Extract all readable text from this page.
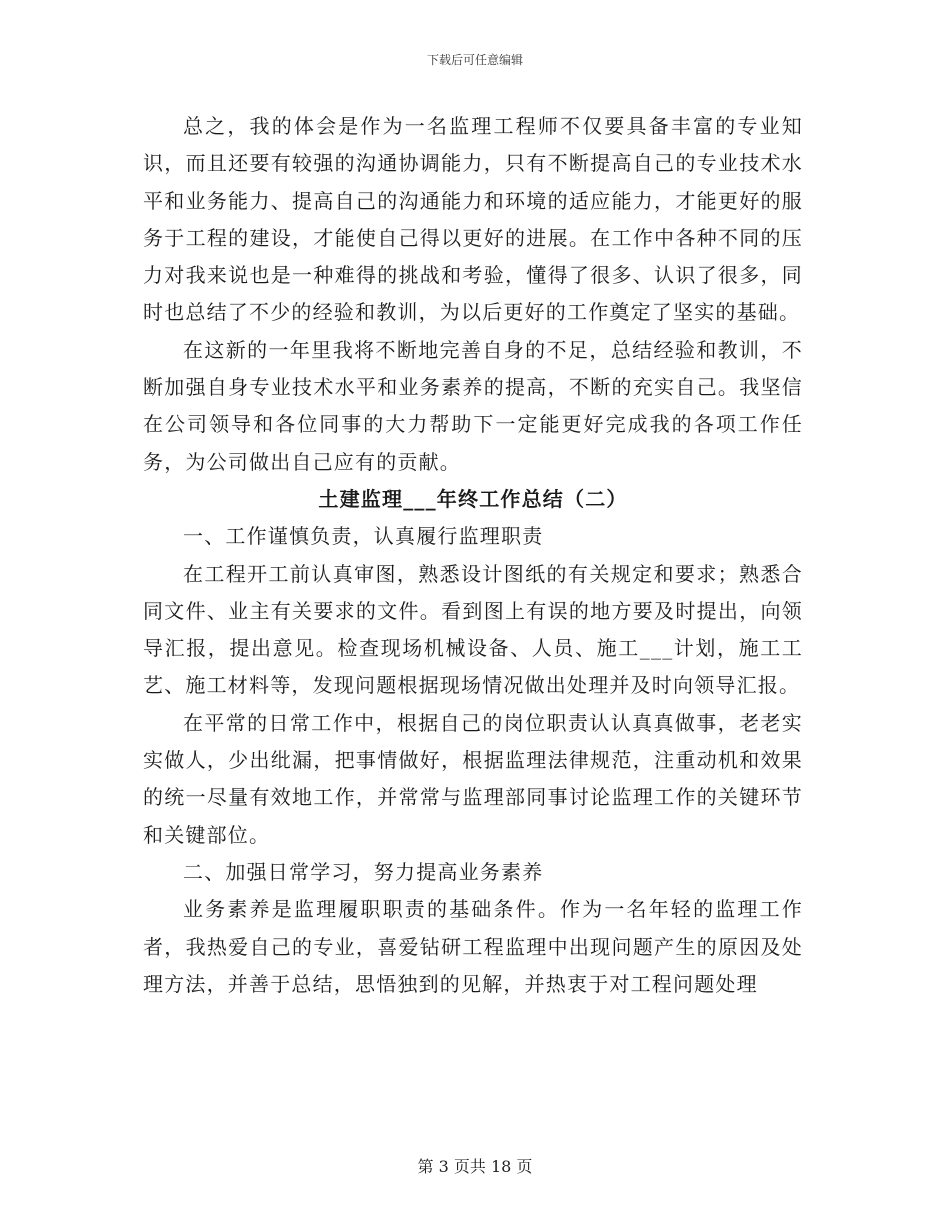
下载后可任意编辑

总之，我的体会是作为一名监理工程师不仅要具备丰富的专业知识，而且还要有较强的沟通协调能力，只有不断提高自己的专业技术水平和业务能力、提高自己的沟通能力和环境的适应能力，才能更好的服务于工程的建设，才能使自己得以更好的进展。在工作中各种不同的压力对我来说也是一种难得的挑战和考验，懂得了很多、认识了很多，同时也总结了不少的经验和教训，为以后更好的工作奠定了坚实的基础。

在这新的一年里我将不断地完善自身的不足，总结经验和教训，不断加强自身专业技术水平和业务素养的提高，不断的充实自己。我坚信在公司领导和各位同事的大力帮助下一定能更好完成我的各项工作任务，为公司做出自己应有的贡献。

土建监理___年终工作总结（二）

一、工作谨慎负责，认真履行监理职责

在工程开工前认真审图，熟悉设计图纸的有关规定和要求；熟悉合同文件、业主有关要求的文件。看到图上有误的地方要及时提出，向领导汇报，提出意见。检查现场机械设备、人员、施工___计划，施工工艺、施工材料等，发现问题根据现场情况做出处理并及时向领导汇报。

在平常的日常工作中，根据自己的岗位职责认认真真做事，老老实实做人，少出纰漏，把事情做好，根据监理法律规范，注重动机和效果的统一尽量有效地工作，并常常与监理部同事讨论监理工作的关键环节和关键部位。

二、加强日常学习，努力提高业务素养

业务素养是监理履职职责的基础条件。作为一名年轻的监理工作者，我热爱自己的专业，喜爱钻研工程监理中出现问题产生的原因及处理方法，并善于总结，思悟独到的见解，并热衷于对工程问题处理

第 3 页共 18 页
